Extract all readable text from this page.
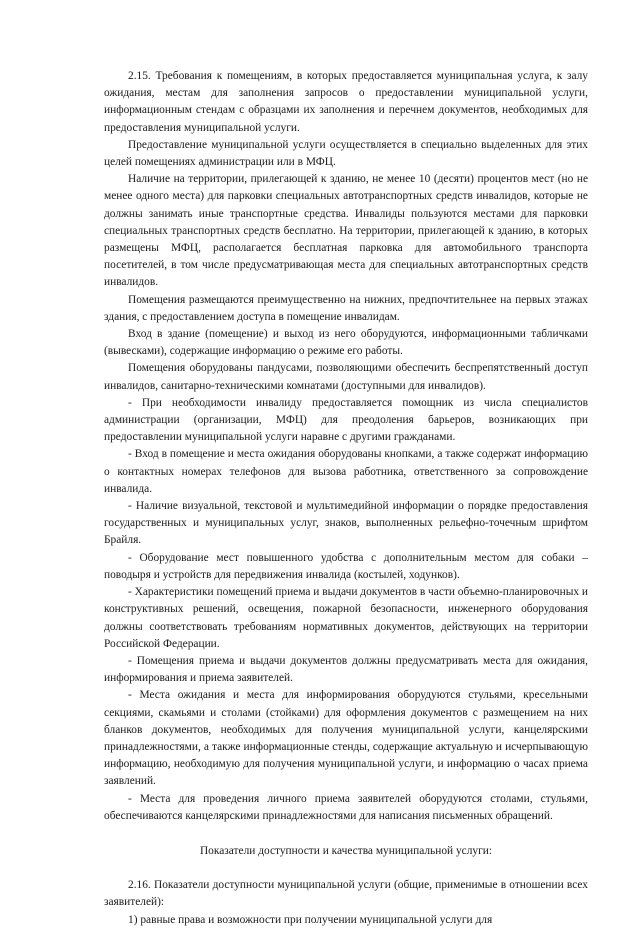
2.15. Требования к помещениям, в которых предоставляется муниципальная услуга, к залу ожидания, местам для заполнения запросов о предоставлении муниципальной услуги, информационным стендам с образцами их заполнения и перечнем документов, необходимых для предоставления муниципальной услуги.

Предоставление муниципальной услуги осуществляется в специально выделенных для этих целей помещениях администрации или в МФЦ.

Наличие на территории, прилегающей к зданию, не менее 10 (десяти) процентов мест (но не менее одного места) для парковки специальных автотранспортных средств инвалидов, которые не должны занимать иные транспортные средства. Инвалиды пользуются местами для парковки специальных транспортных средств бесплатно. На территории, прилегающей к зданию, в которых размещены МФЦ, располагается бесплатная парковка для автомобильного транспорта посетителей, в том числе предусматривающая места для специальных автотранспортных средств инвалидов.

Помещения размещаются преимущественно на нижних, предпочтительнее на первых этажах здания, с предоставлением доступа в помещение инвалидам.

Вход в здание (помещение) и выход из него оборудуются, информационными табличками (вывесками), содержащие информацию о режиме его работы.

Помещения оборудованы пандусами, позволяющими обеспечить беспрепятственный доступ инвалидов, санитарно-техническими комнатами (доступными для инвалидов).

- При необходимости инвалиду предоставляется помощник из числа специалистов администрации (организации, МФЦ) для преодоления барьеров, возникающих при предоставлении муниципальной услуги наравне с другими гражданами.

- Вход в помещение и места ожидания оборудованы кнопками, а также содержат информацию о контактных номерах телефонов для вызова работника, ответственного за сопровождение инвалида.

- Наличие визуальной, текстовой и мультимедийной информации о порядке предоставления государственных и муниципальных услуг, знаков, выполненных рельефно-точечным шрифтом Брайля.

- Оборудование мест повышенного удобства с дополнительным местом для собаки – поводыря и устройств для передвижения инвалида (костылей, ходунков).

- Характеристики помещений приема и выдачи документов в части объемно-планировочных и конструктивных решений, освещения, пожарной безопасности, инженерного оборудования должны соответствовать требованиям нормативных документов, действующих на территории Российской Федерации.

- Помещения приема и выдачи документов должны предусматривать места для ожидания, информирования и приема заявителей.

- Места ожидания и места для информирования оборудуются стульями, кресельными секциями, скамьями и столами (стойками) для оформления документов с размещением на них бланков документов, необходимых для получения муниципальной услуги, канцелярскими принадлежностями, а также информационные стенды, содержащие актуальную и исчерпывающую информацию, необходимую для получения муниципальной услуги, и информацию о часах приема заявлений.

- Места для проведения личного приема заявителей оборудуются столами, стульями, обеспечиваются канцелярскими принадлежностями для написания письменных обращений.

Показатели доступности и качества муниципальной услуги:

2.16. Показатели доступности муниципальной услуги (общие, применимые в отношении всех заявителей):

1) равные права и возможности при получении муниципальной услуги для
